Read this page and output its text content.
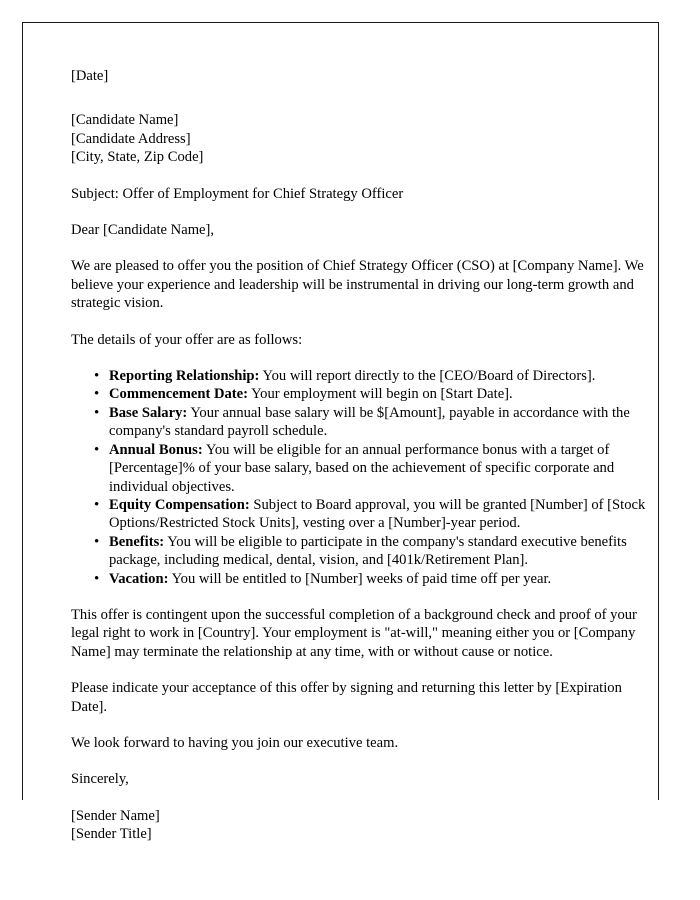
[Date]

[Candidate Name]

[Candidate Address]

[City, State, Zip Code]

Subject: Offer of Employment for Chief Strategy Officer

Dear [Candidate Name],

We are pleased to offer you the position of Chief Strategy Officer (CSO) at [Company Name]. We believe your experience and leadership will be instrumental in driving our long-term growth and strategic vision.

The details of your offer are as follows:

• Reporting Relationship: You will report directly to the [CEO/Board of Directors].
• Commencement Date: Your employment will begin on [Start Date].
• Base Salary: Your annual base salary will be $[Amount], payable in accordance with the company's standard payroll schedule.
• Annual Bonus: You will be eligible for an annual performance bonus with a target of [Percentage]% of your base salary, based on the achievement of specific corporate and individual objectives.
• Equity Compensation: Subject to Board approval, you will be granted [Number] of [Stock Options/Restricted Stock Units], vesting over a [Number]-year period.
• Benefits: You will be eligible to participate in the company's standard executive benefits package, including medical, dental, vision, and [401k/Retirement Plan].
• Vacation: You will be entitled to [Number] weeks of paid time off per year.

This offer is contingent upon the successful completion of a background check and proof of your legal right to work in [Country]. Your employment is "at-will," meaning either you or [Company Name] may terminate the relationship at any time, with or without cause or notice.

Please indicate your acceptance of this offer by signing and returning this letter by [Expiration Date].

We look forward to having you join our executive team.

Sincerely,

[Sender Name]

[Sender Title]
